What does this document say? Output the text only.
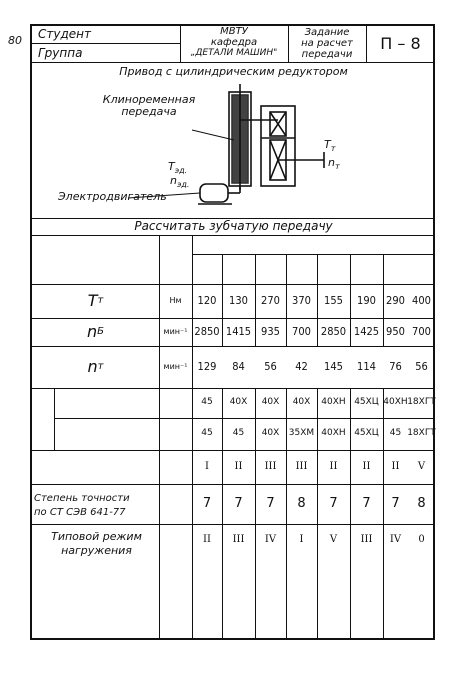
80 Студент
Группа
МВТУ
кафедра
„ДЕТАЛИ МАШИН"
Задание
на расчет
передачи
П – 8
Привод с цилиндрическим редуктором
Клиноременная
передача
$T_т$
$n_т$
$T_{эд.}$
$n_{эд.}$
Электродвигатель
Рассчитать зубчатую передачу
T т	Нм	120	130	270	370	155	190 290 400
n Б	мин⁻¹ 2850 1415 935	700 2850 1425 950 700
n т	мин⁻¹ 129	84	56	42	145	114	76	56
45	40Х	40Х	40Х	40ХН 45ХЦ 40ХН 18ХГТ
45	45	40Х	35ХМ 40ХН 45ХЦ	45 18ХГТ
I	II	III	III	II	II	II	V
Степень точности
по СТ СЭВ 641-77
7	7	7	8	7	7	7	8
Типовой режим
нагружения
II	III	IV	I	V	III	IV	0
